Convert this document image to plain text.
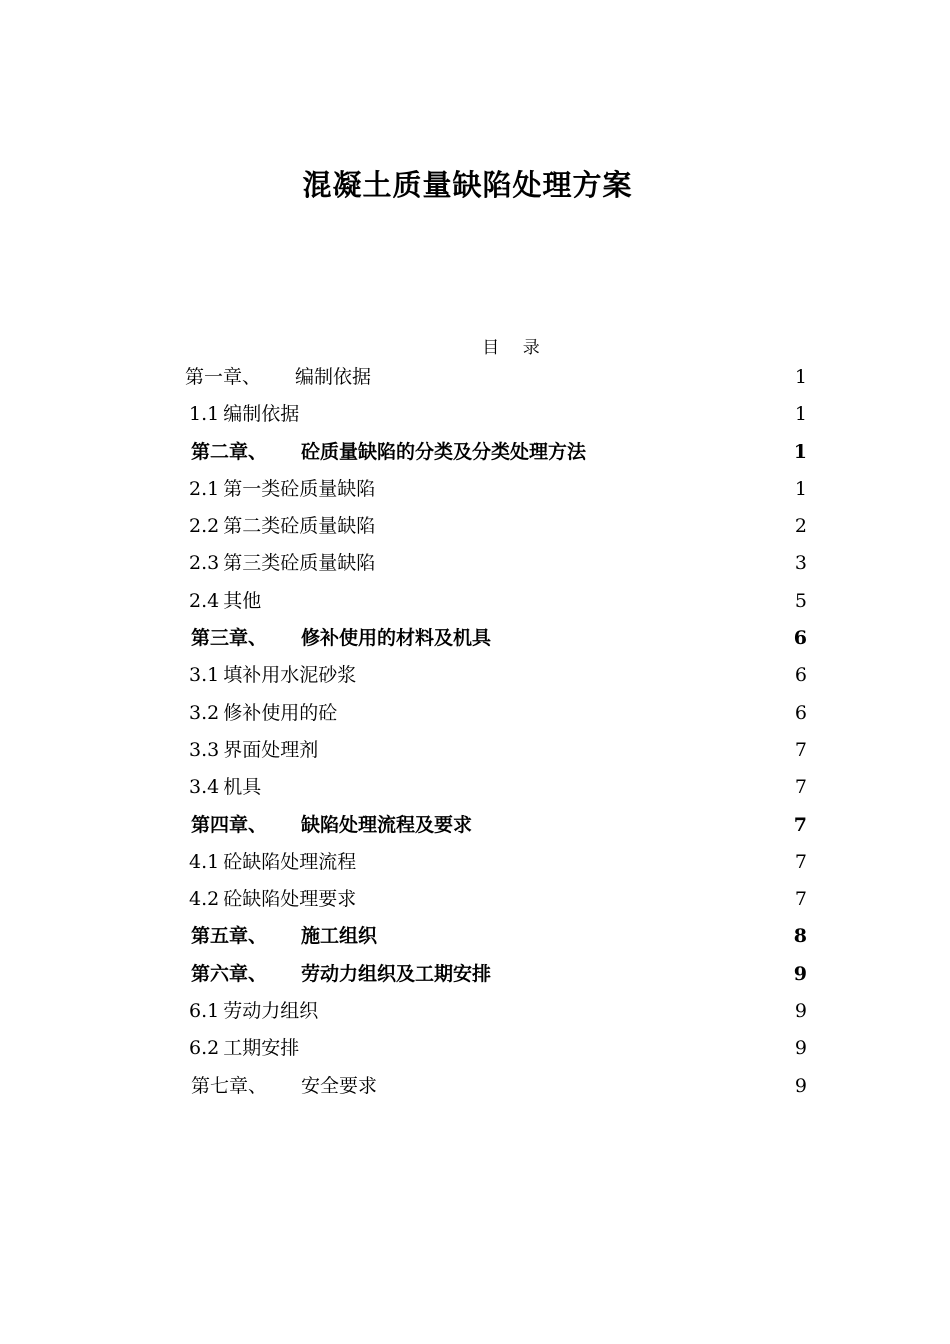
混凝土质量缺陷处理方案
目 录
第一章、	编制依据	1
1.1 编制依据	1
第二章、	砼质量缺陷的分类及分类处理方法	1
2.1 第一类砼质量缺陷	1
2.2 第二类砼质量缺陷	2
2.3 第三类砼质量缺陷	3
2.4 其他	5
第三章、	修补使用的材料及机具	6
3.1 填补用水泥砂浆	6
3.2 修补使用的砼	6
3.3 界面处理剂	7
3.4 机具	7
第四章、	缺陷处理流程及要求	7
4.1 砼缺陷处理流程	7
4.2 砼缺陷处理要求	7
第五章、	施工组织	8
第六章、	劳动力组织及工期安排	9
6.1 劳动力组织	9
6.2 工期安排	9
第七章、	安全要求	9
